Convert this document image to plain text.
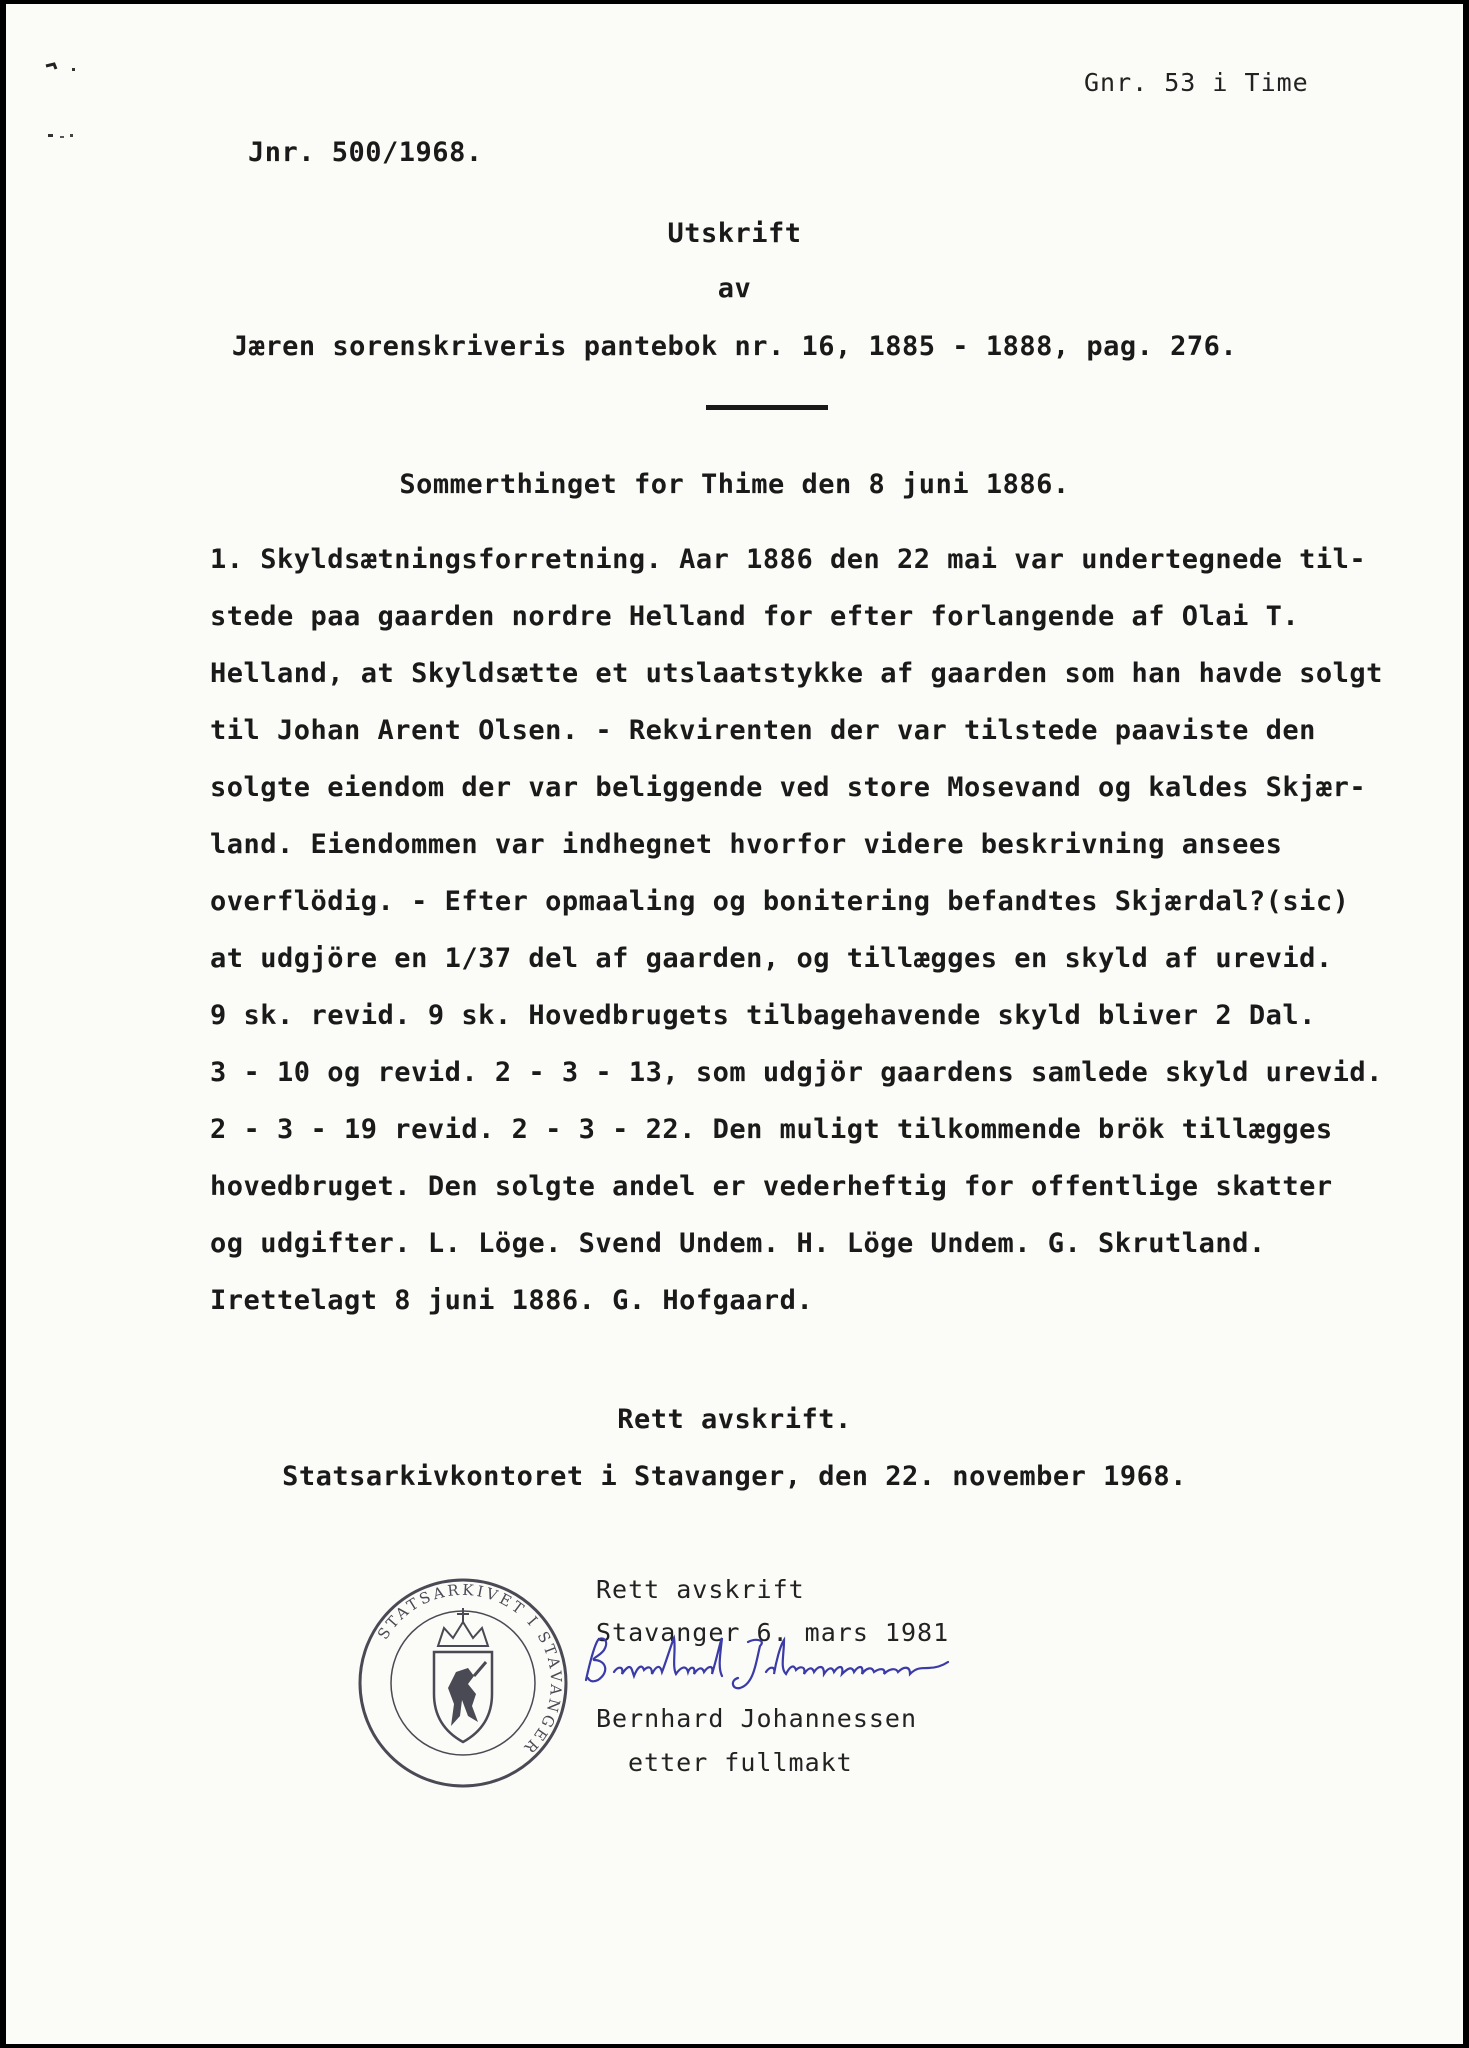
Gnr. 53 i Time
Jnr. 500/1968.
Utskrift
av
Jæren sorenskriveris pantebok nr. 16, 1885 - 1888, pag. 276.
Sommerthinget for Thime den 8 juni 1886.
1. Skyldsætningsforretning. Aar 1886 den 22 mai var undertegnede til-
stede paa gaarden nordre Helland for efter forlangende af Olai T.
Helland, at Skyldsætte et utslaatstykke af gaarden som han havde solgt
til Johan Arent Olsen. - Rekvirenten der var tilstede paaviste den
solgte eiendom der var beliggende ved store Mosevand og kaldes Skjær-
land. Eiendommen var indhegnet hvorfor videre beskrivning ansees
overflödig. - Efter opmaaling og bonitering befandtes Skjærdal?(sic)
at udgjöre en 1/37 del af gaarden, og tillægges en skyld af urevid.
9 sk. revid. 9 sk. Hovedbrugets tilbagehavende skyld bliver 2 Dal.
3 - 10 og revid. 2 - 3 - 13, som udgjör gaardens samlede skyld urevid.
2 - 3 - 19 revid. 2 - 3 - 22. Den muligt tilkommende brök tillægges
hovedbruget. Den solgte andel er vederheftig for offentlige skatter
og udgifter. L. Löge. Svend Undem. H. Löge Undem. G. Skrutland.
Irettelagt 8 juni 1886. G. Hofgaard.
Rett avskrift.
Statsarkivkontoret i Stavanger, den 22. november 1968.
STATSARKIVET I STAVANGER
Rett avskrift
Stavanger 6. mars 1981
Bernhard Johannessen
Bernhard Johannessen
etter fullmakt
